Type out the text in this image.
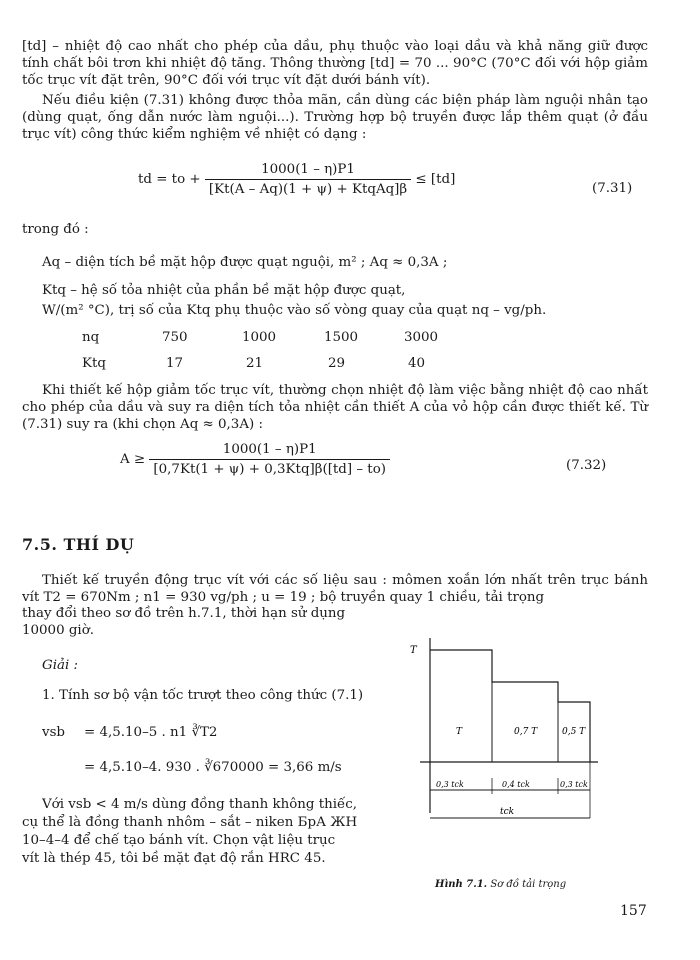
[td] – nhiệt độ cao nhất cho phép của dầu, phụ thuộc vào loại dầu và khả năng giữ được tính chất bôi trơn khi nhiệt độ tăng. Thông thường [td] = 70 ... 90°C (70°C đối với hộp giảm tốc trục vít đặt trên, 90°C đối với trục vít đặt dưới bánh vít).

Nếu điều kiện (7.31) không được thỏa mãn, cần dùng các biện pháp làm nguội nhân tạo (dùng quạt, ống dẫn nước làm nguội...). Trường hợp bộ truyền được lắp thêm quạt (ở đầu trục vít) công thức kiểm nghiệm về nhiệt có dạng :

td = to + $\frac{1000(1 - \eta)P1}{\text{[Kt(A – Aq)(1 + ψ) + KtqAq]β}} \le [td]$
(7.31)
trong đó :
Aq – diện tích bề mặt hộp được quạt nguội, m² ; Aq ≈ 0,3A ;
Ktq – hệ số tỏa nhiệt của phần bề mặt hộp được quạt,
W/(m² °C), trị số của Ktq phụ thuộc vào số vòng quay của quạt nq – vg/ph.
nq	750	1000	1500	3000
Ktq	17	21	29	40

Khi thiết kế hộp giảm tốc trục vít, thường chọn nhiệt độ làm việc bằng nhiệt độ cao nhất cho phép của dầu và suy ra diện tích tỏa nhiệt cần thiết A của vỏ hộp cần được thiết kế. Từ (7.31) suy ra (khi chọn Aq ≈ 0,3A) :

$A \ge \frac{1000(1 - \eta)P1}{\text{[0,7Kt(1 + ψ) + 0,3Ktq]β([td] – to)}}$	(7.32)
7.5. THÍ DỤ

Thiết kế truyền động trục vít với các số liệu sau : mômen xoắn lớn nhất trên trục bánh vít T2 = 670Nm ; n1 = 930 vg/ph ; u = 19 ; bộ truyền quay 1 chiều, tải trọng

thay đổi theo sơ đồ trên h.7.1, thời hạn sử dụng
10000 giờ.
Giải :
1. Tính sơ bộ vận tốc trượt theo công thức (7.1)
vsb = 4,5.10–5 . n1 ∛T2
= 4,5.10–4. 930 . ∛670000 = 3,66 m/s
Với vsb < 4 m/s dùng đồng thanh không thiếc,
cụ thể là đồng thanh nhôm – sắt – niken БрА ЖН
10–4–4 để chế tạo bánh vít. Chọn vật liệu trục
vít là thép 45, tôi bề mặt đạt độ rắn HRC 45.
T
T	0,7 T	0,5 T
0,3 tck	0,4 tck	0,3 tck
tck
Hình 7.1. Sơ đồ tải trọng
157
